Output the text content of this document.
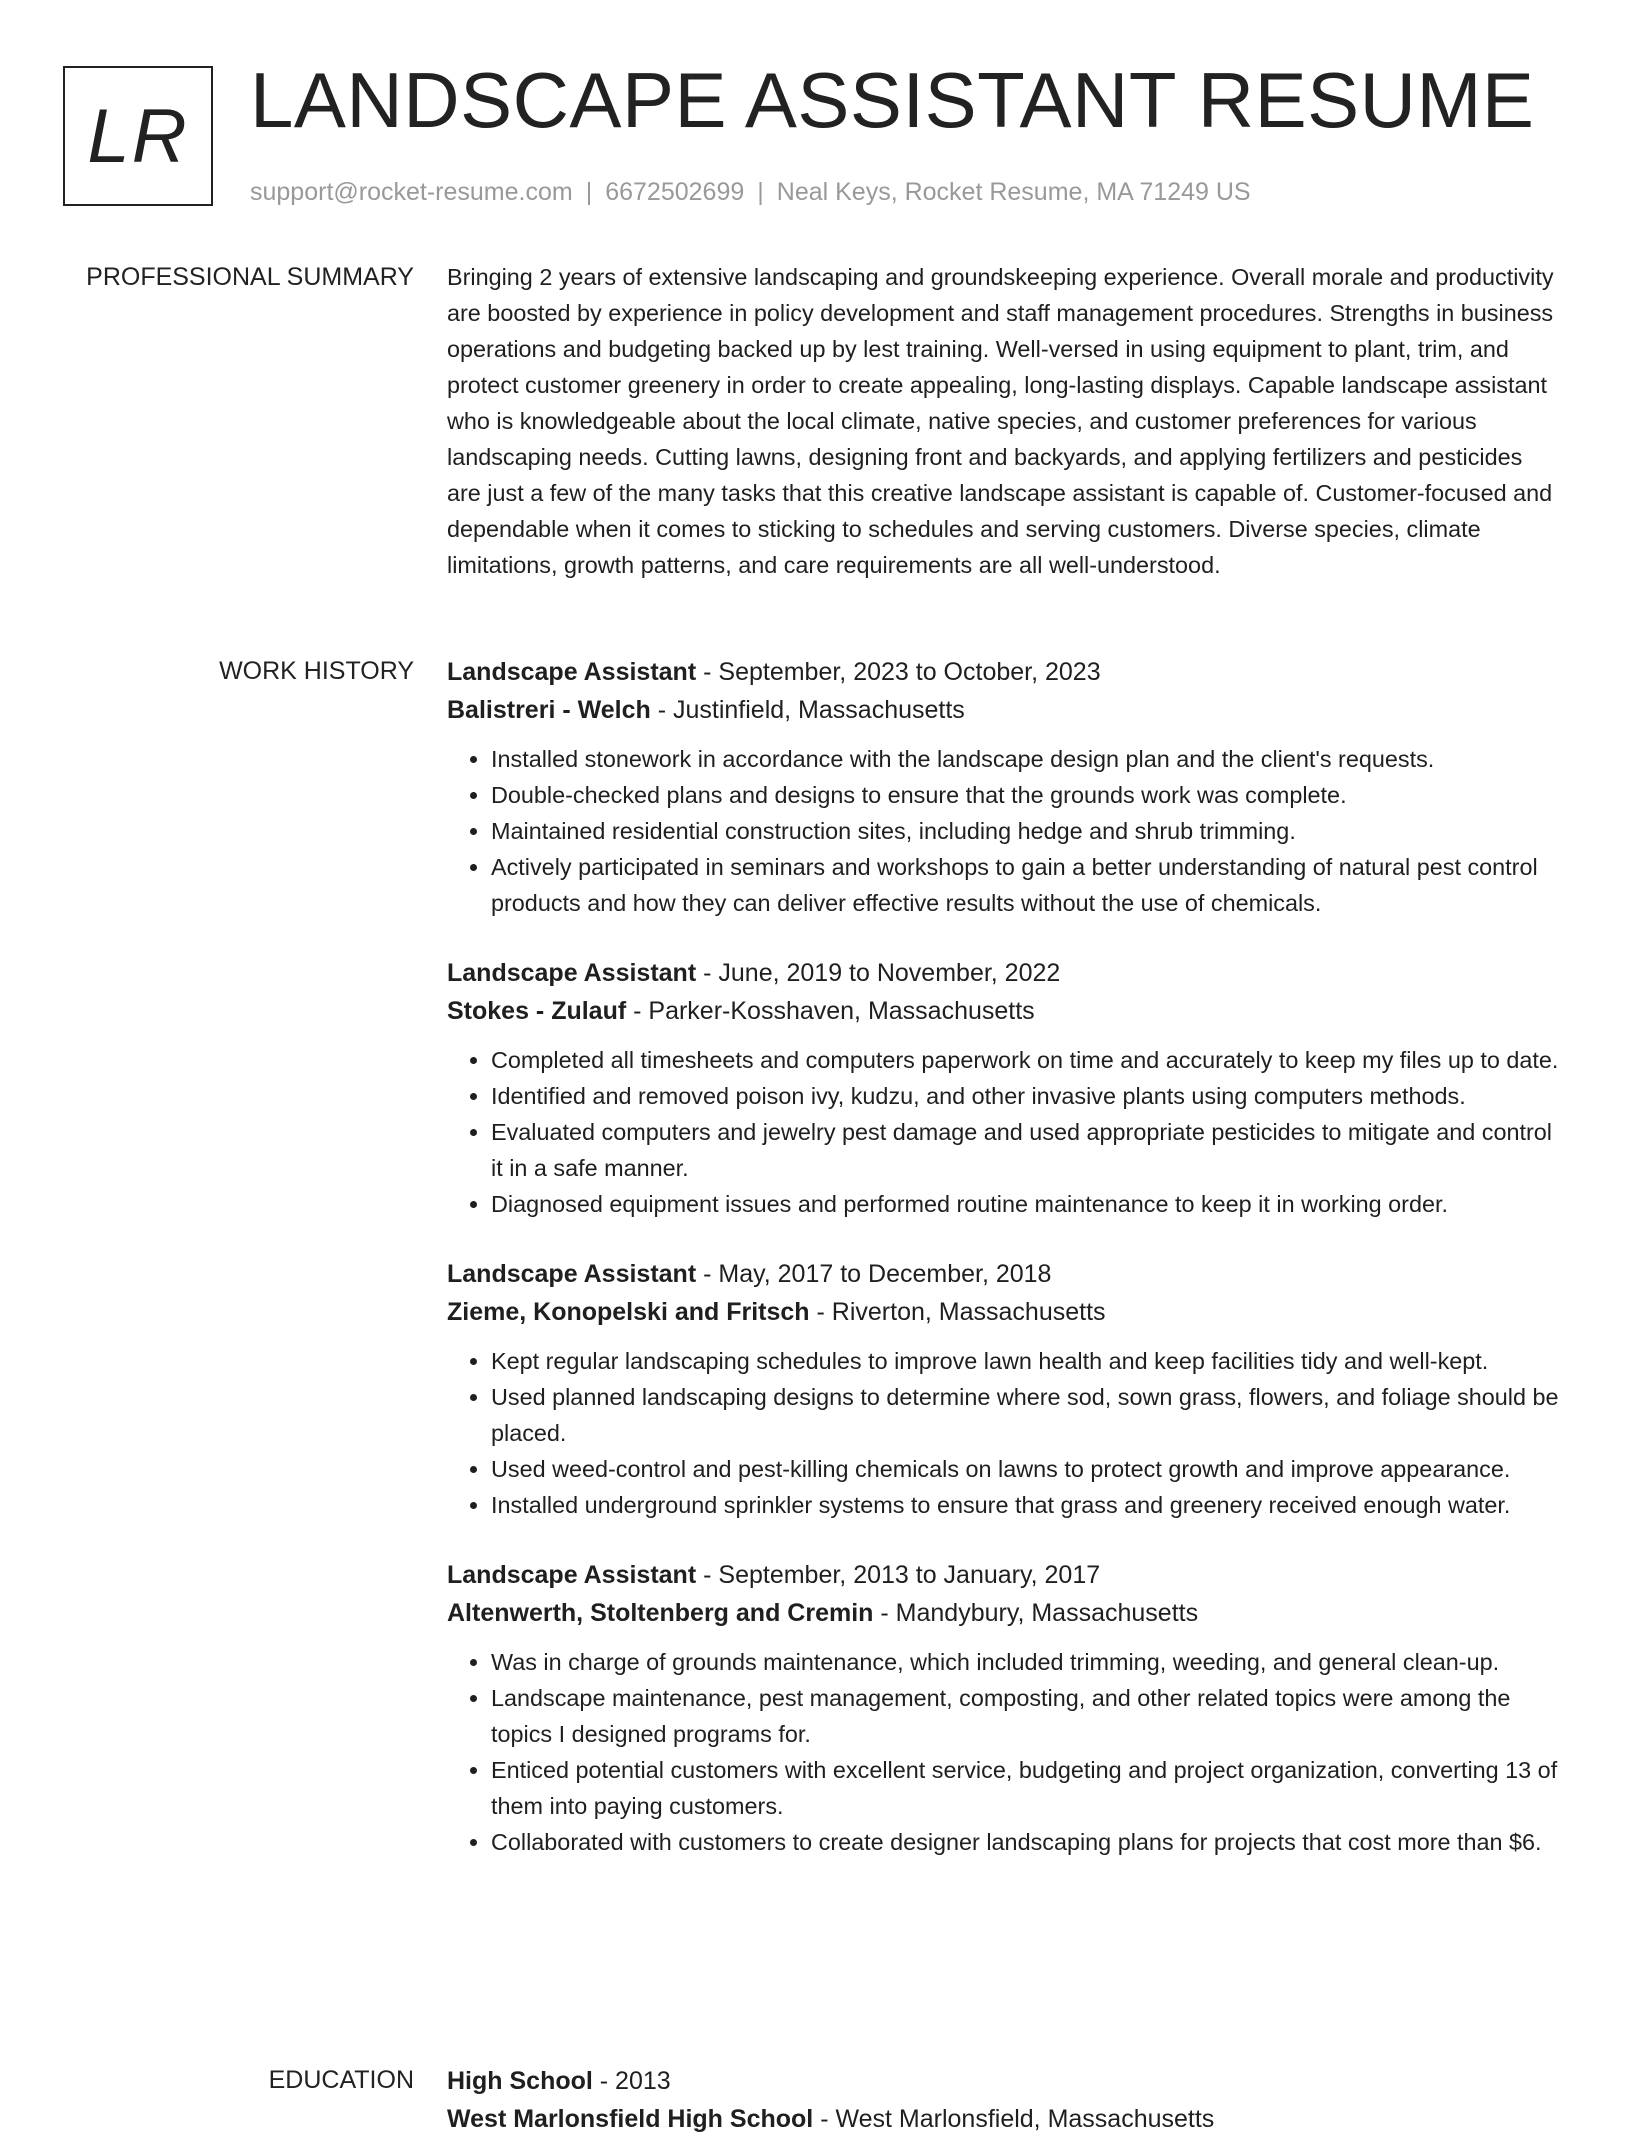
LR LANDSCAPE ASSISTANT RESUME
support@rocket-resume.com | 6672502699 | Neal Keys, Rocket Resume, MA 71249 US
PROFESSIONAL SUMMARY Bringing 2 years of extensive landscaping and groundskeeping experience. Overall morale and productivity are boosted by experience in policy development and staff management procedures. Strengths in business operations and budgeting backed up by lest training. Well-versed in using equipment to plant, trim, and protect customer greenery in order to create appealing, long-lasting displays. Capable landscape assistant who is knowledgeable about the local climate, native species, and customer preferences for various landscaping needs. Cutting lawns, designing front and backyards, and applying fertilizers and pesticides are just a few of the many tasks that this creative landscape assistant is capable of. Customer-focused and dependable when it comes to sticking to schedules and serving customers. Diverse species, climate limitations, growth patterns, and care requirements are all well-understood.

WORK HISTORY Landscape Assistant - September, 2023 to October, 2023
Balistreri - Welch - Justinfield, Massachusetts
• Installed stonework in accordance with the landscape design plan and the client's requests.
• Double-checked plans and designs to ensure that the grounds work was complete.
• Maintained residential construction sites, including hedge and shrub trimming.
• Actively participated in seminars and workshops to gain a better understanding of natural pest control products and how they can deliver effective results without the use of chemicals.
Landscape Assistant - June, 2019 to November, 2022
Stokes - Zulauf - Parker-Kosshaven, Massachusetts
• Completed all timesheets and computers paperwork on time and accurately to keep my files up to date.
• Identified and removed poison ivy, kudzu, and other invasive plants using computers methods.
• Evaluated computers and jewelry pest damage and used appropriate pesticides to mitigate and control it in a safe manner.
• Diagnosed equipment issues and performed routine maintenance to keep it in working order.
Landscape Assistant - May, 2017 to December, 2018
Zieme, Konopelski and Fritsch - Riverton, Massachusetts
• Kept regular landscaping schedules to improve lawn health and keep facilities tidy and well-kept.
• Used planned landscaping designs to determine where sod, sown grass, flowers, and foliage should be placed.
• Used weed-control and pest-killing chemicals on lawns to protect growth and improve appearance.
• Installed underground sprinkler systems to ensure that grass and greenery received enough water.
Landscape Assistant - September, 2013 to January, 2017
Altenwerth, Stoltenberg and Cremin - Mandybury, Massachusetts
• Was in charge of grounds maintenance, which included trimming, weeding, and general clean-up.
• Landscape maintenance, pest management, composting, and other related topics were among the topics I designed programs for.
• Enticed potential customers with excellent service, budgeting and project organization, converting 13 of them into paying customers.
• Collaborated with customers to create designer landscaping plans for projects that cost more than $6.
EDUCATION High School - 2013
West Marlonsfield High School - West Marlonsfield, Massachusetts
